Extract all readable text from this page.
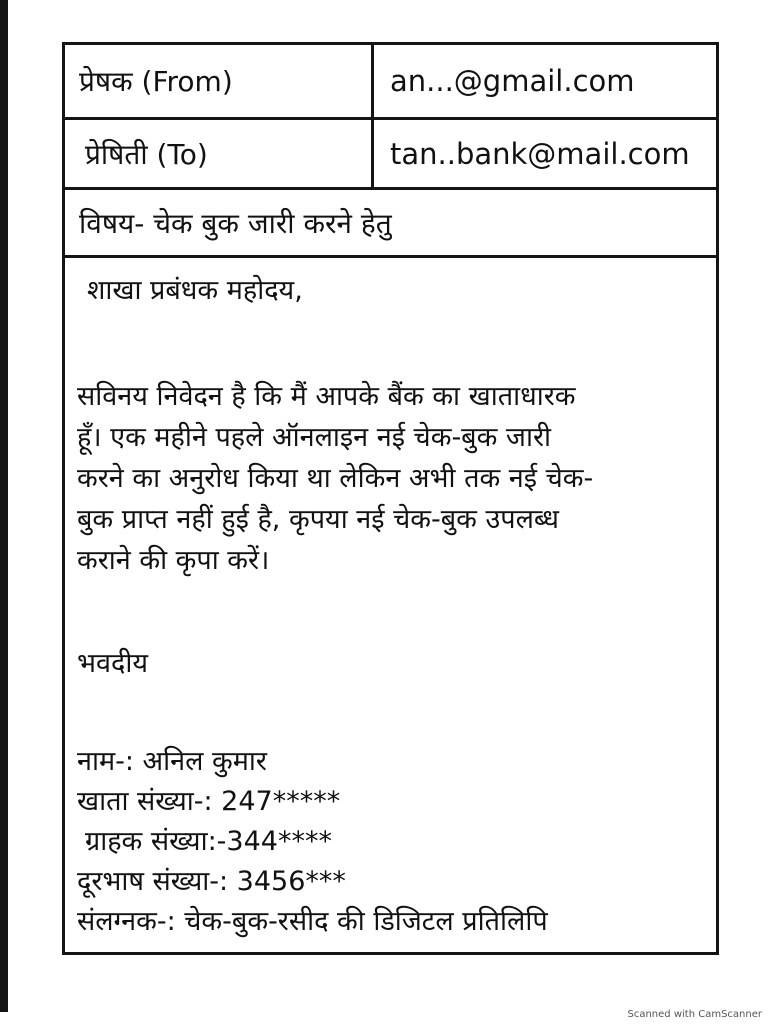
प्रेषक (From)	an...@gmail.com
प्रेषिती (To)	tan..bank@mail.com
विषय- चेक बुक जारी करने हेतु
शाखा प्रबंधक महोदय,
सविनय निवेदन है कि मैं आपके बैंक का खाताधारक
हूँ। एक महीने पहले ऑनलाइन नई चेक-बुक जारी
करने का अनुरोध किया था लेकिन अभी तक नई चेक-
बुक प्राप्त नहीं हुई है, कृपया नई चेक-बुक उपलब्ध
कराने की कृपा करें।
भवदीय
नाम-: अनिल कुमार
खाता संख्या-: 247*****
ग्राहक संख्या:-344****
दूरभाष संख्या-: 3456***
संलग्नक-: चेक-बुक-रसीद की डिजिटल प्रतिलिपि
Scanned with CamScanner
